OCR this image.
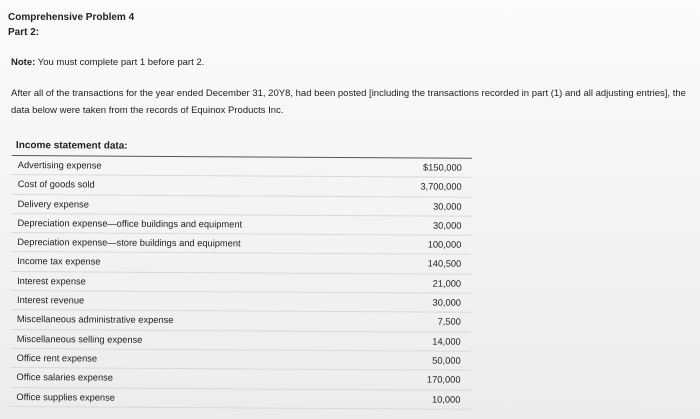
Comprehensive Problem 4
Part 2:
Note: You must complete part 1 before part 2.
After all of the transactions for the year ended December 31, 20Y8, had been posted [including the transactions recorded in part (1) and all adjusting entries], the data below were taken from the records of Equinox Products Inc.
Income statement data:
Advertising expense	$150,000
Cost of goods sold	3,700,000
Delivery expense	30,000
Depreciation expense—office buildings and equipment	30,000
Depreciation expense—store buildings and equipment	100,000
Income tax expense	140,500
Interest expense	21,000
Interest revenue	30,000
Miscellaneous administrative expense	7,500
Miscellaneous selling expense	14,000
Office rent expense	50,000
Office salaries expense	170,000
Office supplies expense	10,000
